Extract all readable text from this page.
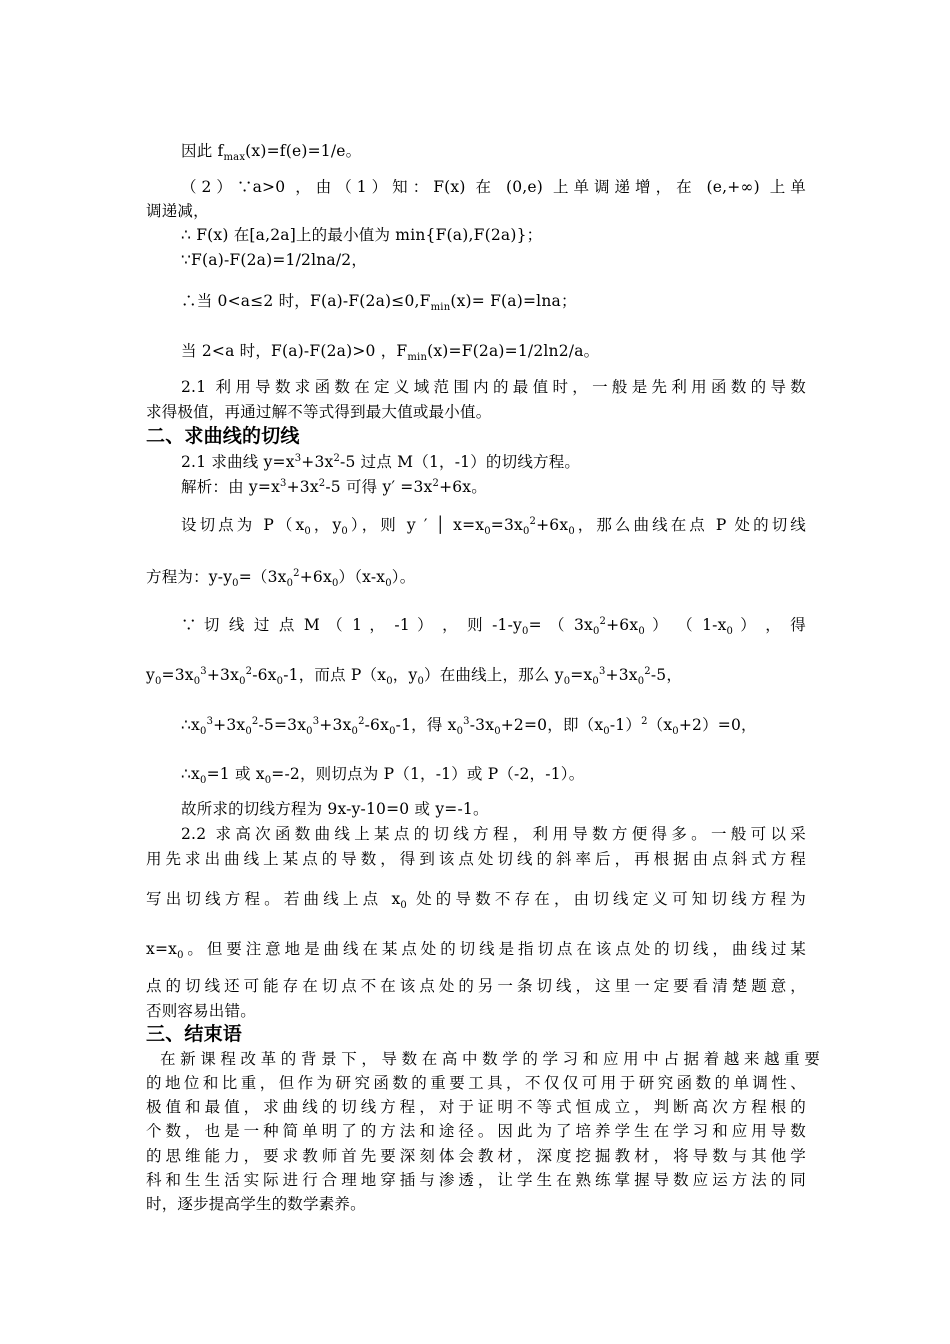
因此 $f_{max}(x)=f(e)=1/e$。
（2）∵a>0 ，由（1）知：F(x) 在 (0,e) 上单调递增，在 (e,+∞) 上单
调递减，
∴ F(x) 在[a,2a]上的最小值为 min{F(a),F(2a)}；
∵F(a)-F(2a)=1/2lna/2，
∴当 0<a≤2 时，$F(a)-F(2a)\le 0,F_{min}(x)= F(a)=\ln a$；
当 2<a 时，F(a)-F(2a)>0 ，$F_{min}(x)=F(2a)=1/2\ln 2/a$。
2.1 利用导数求函数在定义域范围内的最值时，一般是先利用函数的导数
求得极值，再通过解不等式得到最大值或最小值。
二、求曲线的切线
2.1 求曲线 $y=x^3+3x^2-5$ 过点 M（1，-1）的切线方程。
解析：由 $y=x^3+3x^2-5$ 可得 $y' =3x^2+6x$。
设切点为 $P(x_0$，$y_0$），则 y ′ │ $x=x_0=3x_0^2+6x_0$，那么曲线在点 P 处的切线
方程为：$y-y_0=(3x_0^2+6x_0)(x-x_0)$。
∵ 切 线 过 点 M （ 1 ， -1 ） ， 则 $-1-y_0=$ （ $3x_0^2+6x_0$ ） （ $1-x_0$ ） ， 得
$y_0=3x_0^3+3x_0^2-6x_0-1$，而点 $P(x_0$，$y_0$）在曲线上，那么 $y_0=x_0^3+3x_0^2-5$，
$\therefore x_0^3+3x_0^2-5=3x_0^3+3x_0^2-6x_0-1$，得 $x_0^3-3x_0+2=0$，即$(x_0-1)^2(x_0+2)=0$，
$\therefore x_0=1$ 或 $x_0=-2$，则切点为 P（1，-1）或 P（-2，-1）。
故所求的切线方程为 9x-y-10=0 或 y=-1。
2.2 求高次函数曲线上某点的切线方程，利用导数方便得多。一般可以采
用先求出曲线上某点的导数，得到该点处切线的斜率后，再根据由点斜式方程
写出切线方程。若曲线上点 $x_0$ 处的导数不存在，由切线定义可知切线方程为
$x=x_0$。但要注意地是曲线在某点处的切线是指切点在该点处的切线，曲线过某
点的切线还可能存在切点不在该点处的另一条切线，这里一定要看清楚题意，
否则容易出错。
三、结束语
在新课程改革的背景下，导数在高中数学的学习和应用中占据着越来越重要
的地位和比重，但作为研究函数的重要工具，不仅仅可用于研究函数的单调性、
极值和最值，求曲线的切线方程，对于证明不等式恒成立，判断高次方程根的
个数，也是一种简单明了的方法和途径。因此为了培养学生在学习和应用导数
的思维能力，要求教师首先要深刻体会教材，深度挖掘教材，将导数与其他学
科和生生活实际进行合理地穿插与渗透，让学生在熟练掌握导数应运方法的同
时，逐步提高学生的数学素养。
